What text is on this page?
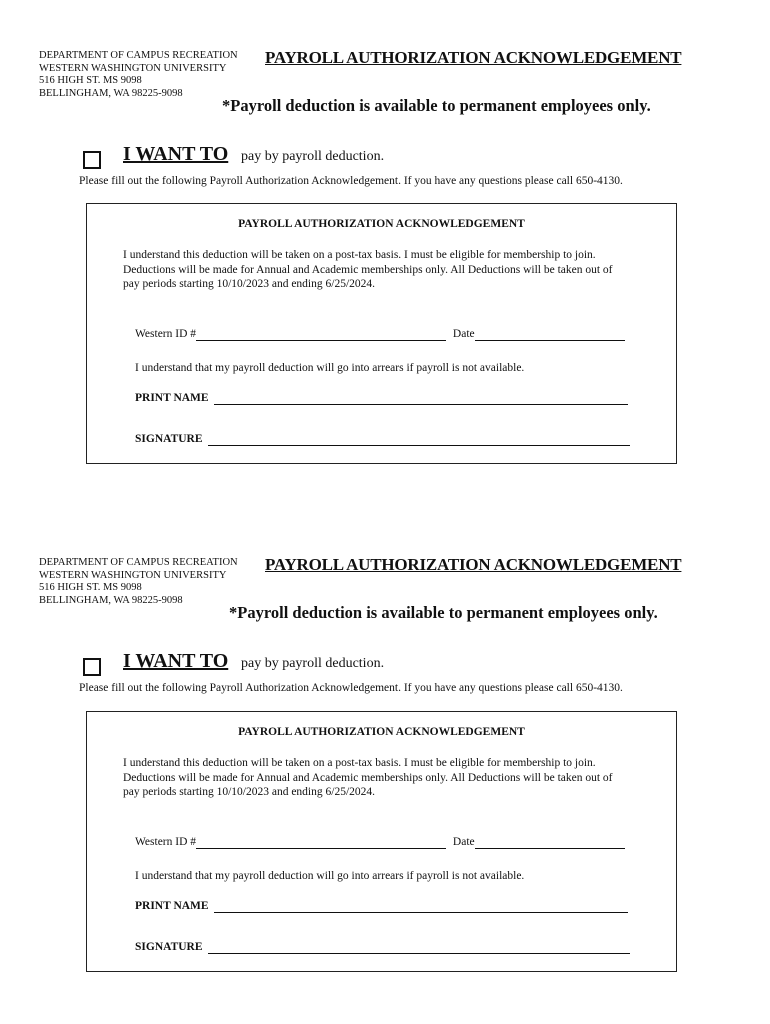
DEPARTMENT OF CAMPUS RECREATION
WESTERN WASHINGTON UNIVERSITY
516 HIGH ST. MS 9098
BELLINGHAM, WA 98225-9098
PAYROLL AUTHORIZATION ACKNOWLEDGEMENT
*Payroll deduction is available to permanent employees only.
I WANT TO pay by payroll deduction.
Please fill out the following Payroll Authorization Acknowledgement. If you have any questions please call 650-4130.
PAYROLL AUTHORIZATION ACKNOWLEDGEMENT
I understand this deduction will be taken on a post-tax basis. I must be eligible for membership to join. Deductions will be made for Annual and Academic memberships only. All Deductions will be taken out of pay periods starting 10/10/2023 and ending 6/25/2024.
Western ID #	Date
I understand that my payroll deduction will go into arrears if payroll is not available.
PRINT NAME
SIGNATURE
DEPARTMENT OF CAMPUS RECREATION
WESTERN WASHINGTON UNIVERSITY
516 HIGH ST. MS 9098
BELLINGHAM, WA 98225-9098
PAYROLL AUTHORIZATION ACKNOWLEDGEMENT
*Payroll deduction is available to permanent employees only.
I WANT TO pay by payroll deduction.
Please fill out the following Payroll Authorization Acknowledgement. If you have any questions please call 650-4130.
PAYROLL AUTHORIZATION ACKNOWLEDGEMENT
I understand this deduction will be taken on a post-tax basis. I must be eligible for membership to join. Deductions will be made for Annual and Academic memberships only. All Deductions will be taken out of pay periods starting 10/10/2023 and ending 6/25/2024.
Western ID #	Date
I understand that my payroll deduction will go into arrears if payroll is not available.
PRINT NAME
SIGNATURE
